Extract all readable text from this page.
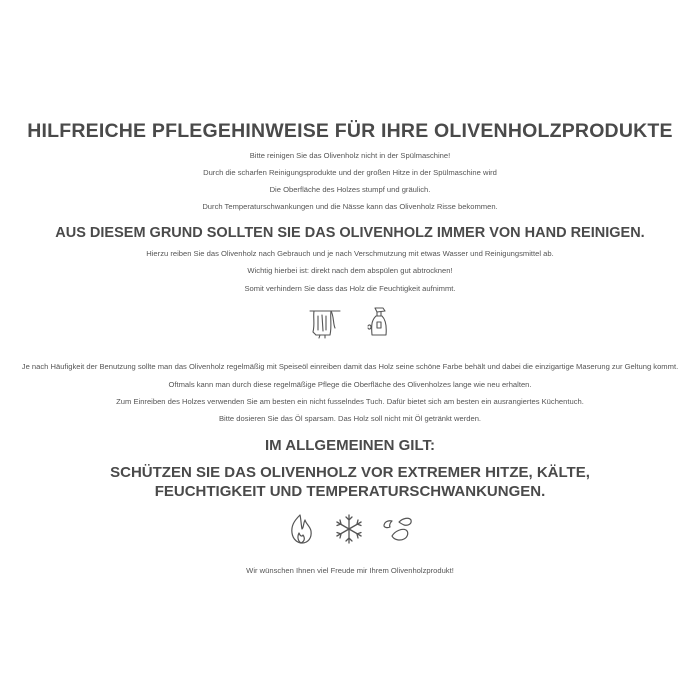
HILFREICHE PFLEGEHINWEISE FÜR IHRE OLIVENHOLZPRODUKTE
Bitte reinigen Sie das Olivenholz nicht in der Spülmaschine!
Durch die scharfen Reinigungsprodukte und der großen Hitze in der Spülmaschine wird
Die Oberfläche des Holzes stumpf und gräulich.
Durch Temperaturschwankungen und die Nässe kann das Olivenholz Risse bekommen.
AUS DIESEM GRUND SOLLTEN SIE DAS OLIVENHOLZ IMMER VON HAND REINIGEN.
Hierzu reiben Sie das Olivenholz nach Gebrauch und je nach Verschmutzung mit etwas Wasser und Reinigungsmittel ab.
Wichtig hierbei ist: direkt nach dem abspülen gut abtrocknen!
Somit verhindern Sie dass das Holz die Feuchtigkeit aufnimmt.
Je nach Häufigkeit der Benutzung sollte man das Olivenholz regelmäßig mit Speiseöl einreiben damit das Holz seine schöne Farbe behält und dabei die einzigartige Maserung zur Geltung kommt.
Oftmals kann man durch diese regelmäßige Pflege die Oberfläche des Olivenholzes lange wie neu erhalten.
Zum Einreiben des Holzes verwenden Sie am besten ein nicht fusselndes Tuch. Dafür bietet sich am besten ein ausrangiertes Küchentuch.
Bitte dosieren Sie das Öl sparsam. Das Holz soll nicht mit Öl getränkt werden.
IM ALLGEMEINEN GILT:
SCHÜTZEN SIE DAS OLIVENHOLZ VOR EXTREMER HITZE, KÄLTE, FEUCHTIGKEIT UND TEMPERATURSCHWANKUNGEN.
Wir wünschen Ihnen viel Freude mir Ihrem Olivenholzprodukt!
